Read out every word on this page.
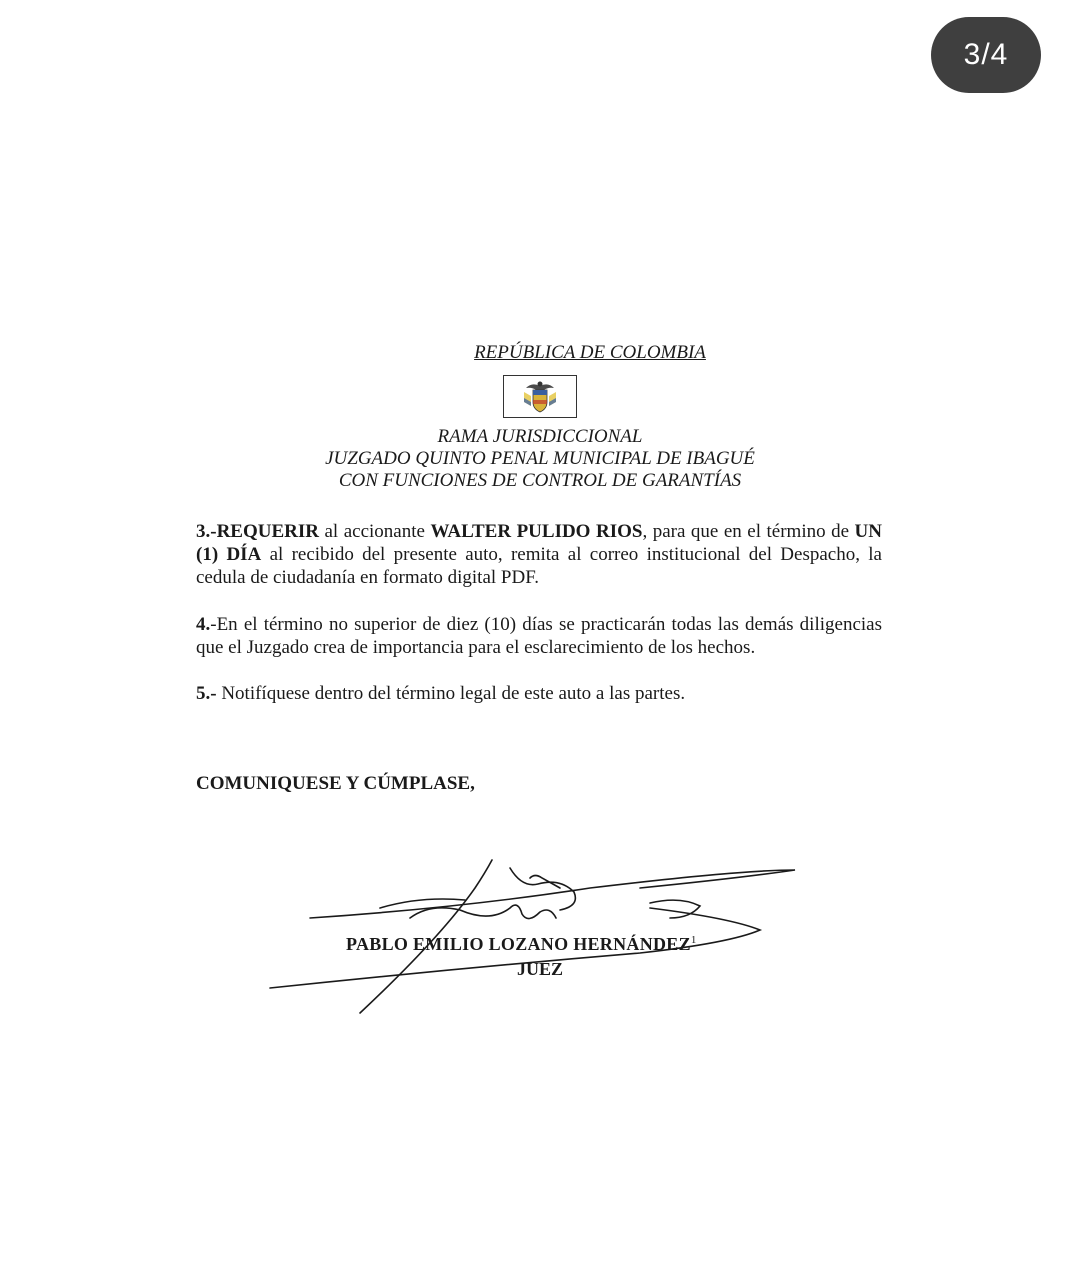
3/4
REPÚBLICA DE COLOMBIA
RAMA JURISDICCIONAL
JUZGADO QUINTO PENAL MUNICIPAL DE IBAGUÉ
CON FUNCIONES DE CONTROL DE GARANTÍAS
3.-REQUERIR al accionante WALTER PULIDO RIOS, para que en el término de UN (1) DÍA al recibido del presente auto, remita al correo institucional del Despacho, la cedula de ciudadanía en formato digital PDF.
4.-En el término no superior de diez (10) días se practicarán todas las demás diligencias que el Juzgado crea de importancia para el esclarecimiento de los hechos.
5.- Notifíquese dentro del término legal de este auto a las partes.
COMUNIQUESE Y CÚMPLASE,
PABLO EMILIO LOZANO HERNÁNDEZ$^1$
JUEZ
